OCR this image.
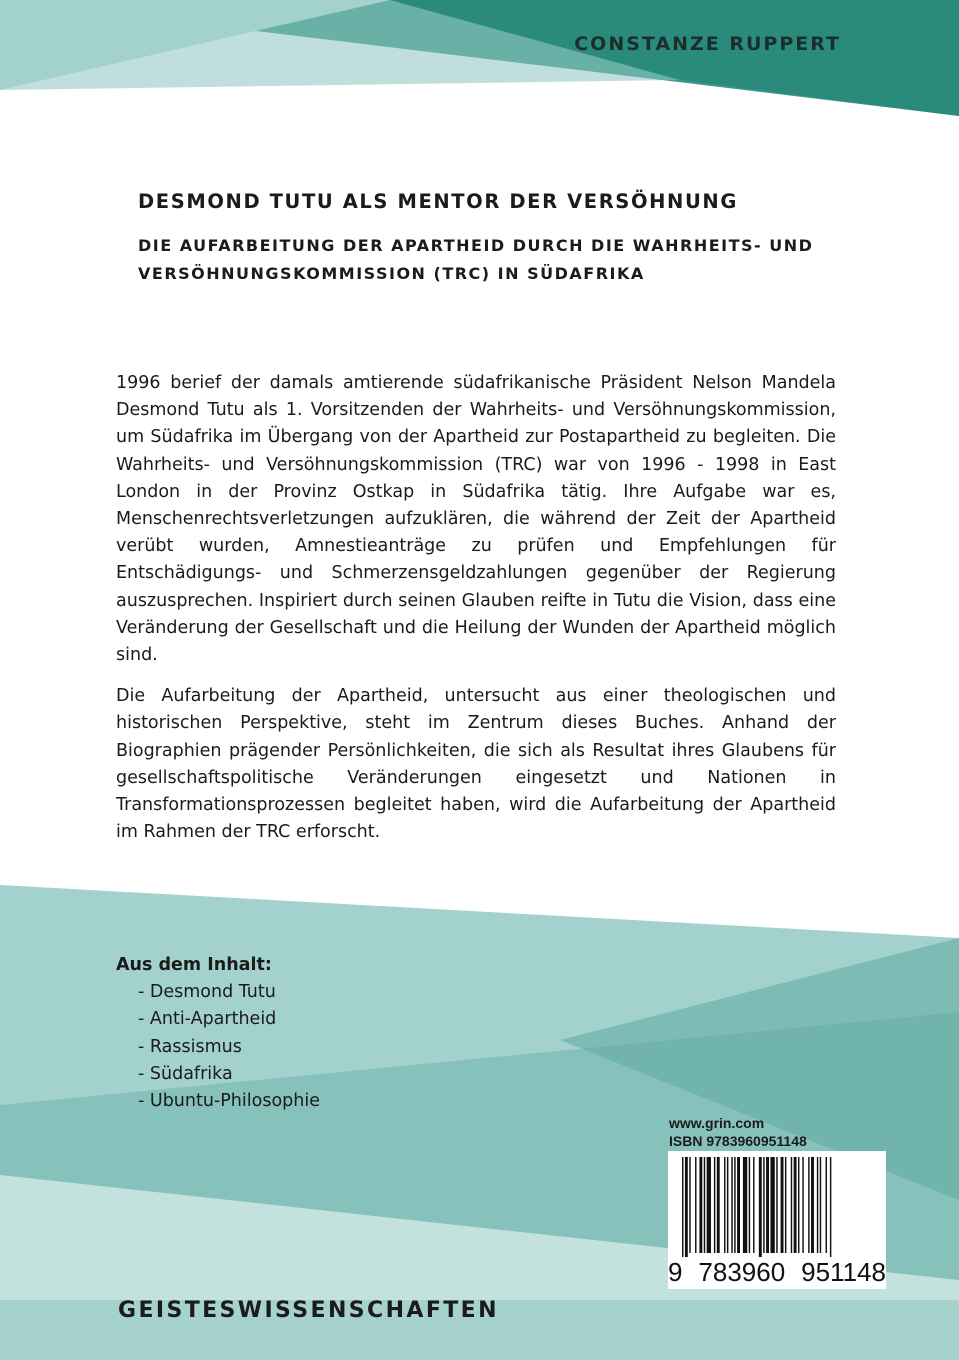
CONSTANZE RUPPERT
DESMOND TUTU ALS MENTOR DER VERSÖHNUNG
DIE AUFARBEITUNG DER APARTHEID DURCH DIE WAHRHEITS- UND VERSÖHNUNGSKOMMISSION (TRC) IN SÜDAFRIKA

1996 berief der damals amtierende südafrikanische Präsident Nelson Mandela Desmond Tutu als 1. Vorsitzenden der Wahrheits- und Versöhnungskommission, um Südafrika im Übergang von der Apartheid zur Postapartheid zu begleiten. Die Wahrheits- und Versöhnungskommission (TRC) war von 1996 - 1998 in East London in der Provinz Ostkap in Südafrika tätig. Ihre Aufgabe war es, Menschenrechtsverletzungen aufzuklären, die während der Zeit der Apartheid verübt wurden, Amnestieanträge zu prüfen und Empfehlungen für Entschädigungs- und Schmerzensgeldzahlungen gegenüber der Regierung auszusprechen. Inspiriert durch seinen Glauben reifte in Tutu die Vision, dass eine Veränderung der Gesellschaft und die Heilung der Wunden der Apartheid möglich sind.

Die Aufarbeitung der Apartheid, untersucht aus einer theologischen und historischen Perspektive, steht im Zentrum dieses Buches. Anhand der Biographien prägender Persönlichkeiten, die sich als Resultat ihres Glaubens für gesellschaftspolitische Veränderungen eingesetzt und Nationen in Transformationsprozessen begleitet haben, wird die Aufarbeitung der Apartheid im Rahmen der TRC erforscht.

Aus dem Inhalt:
- Desmond Tutu
- Anti-Apartheid
- Rassismus
- Südafrika
- Ubuntu-Philosophie
www.grin.com
ISBN 9783960951148
9 783960 951148
GEISTESWISSENSCHAFTEN
